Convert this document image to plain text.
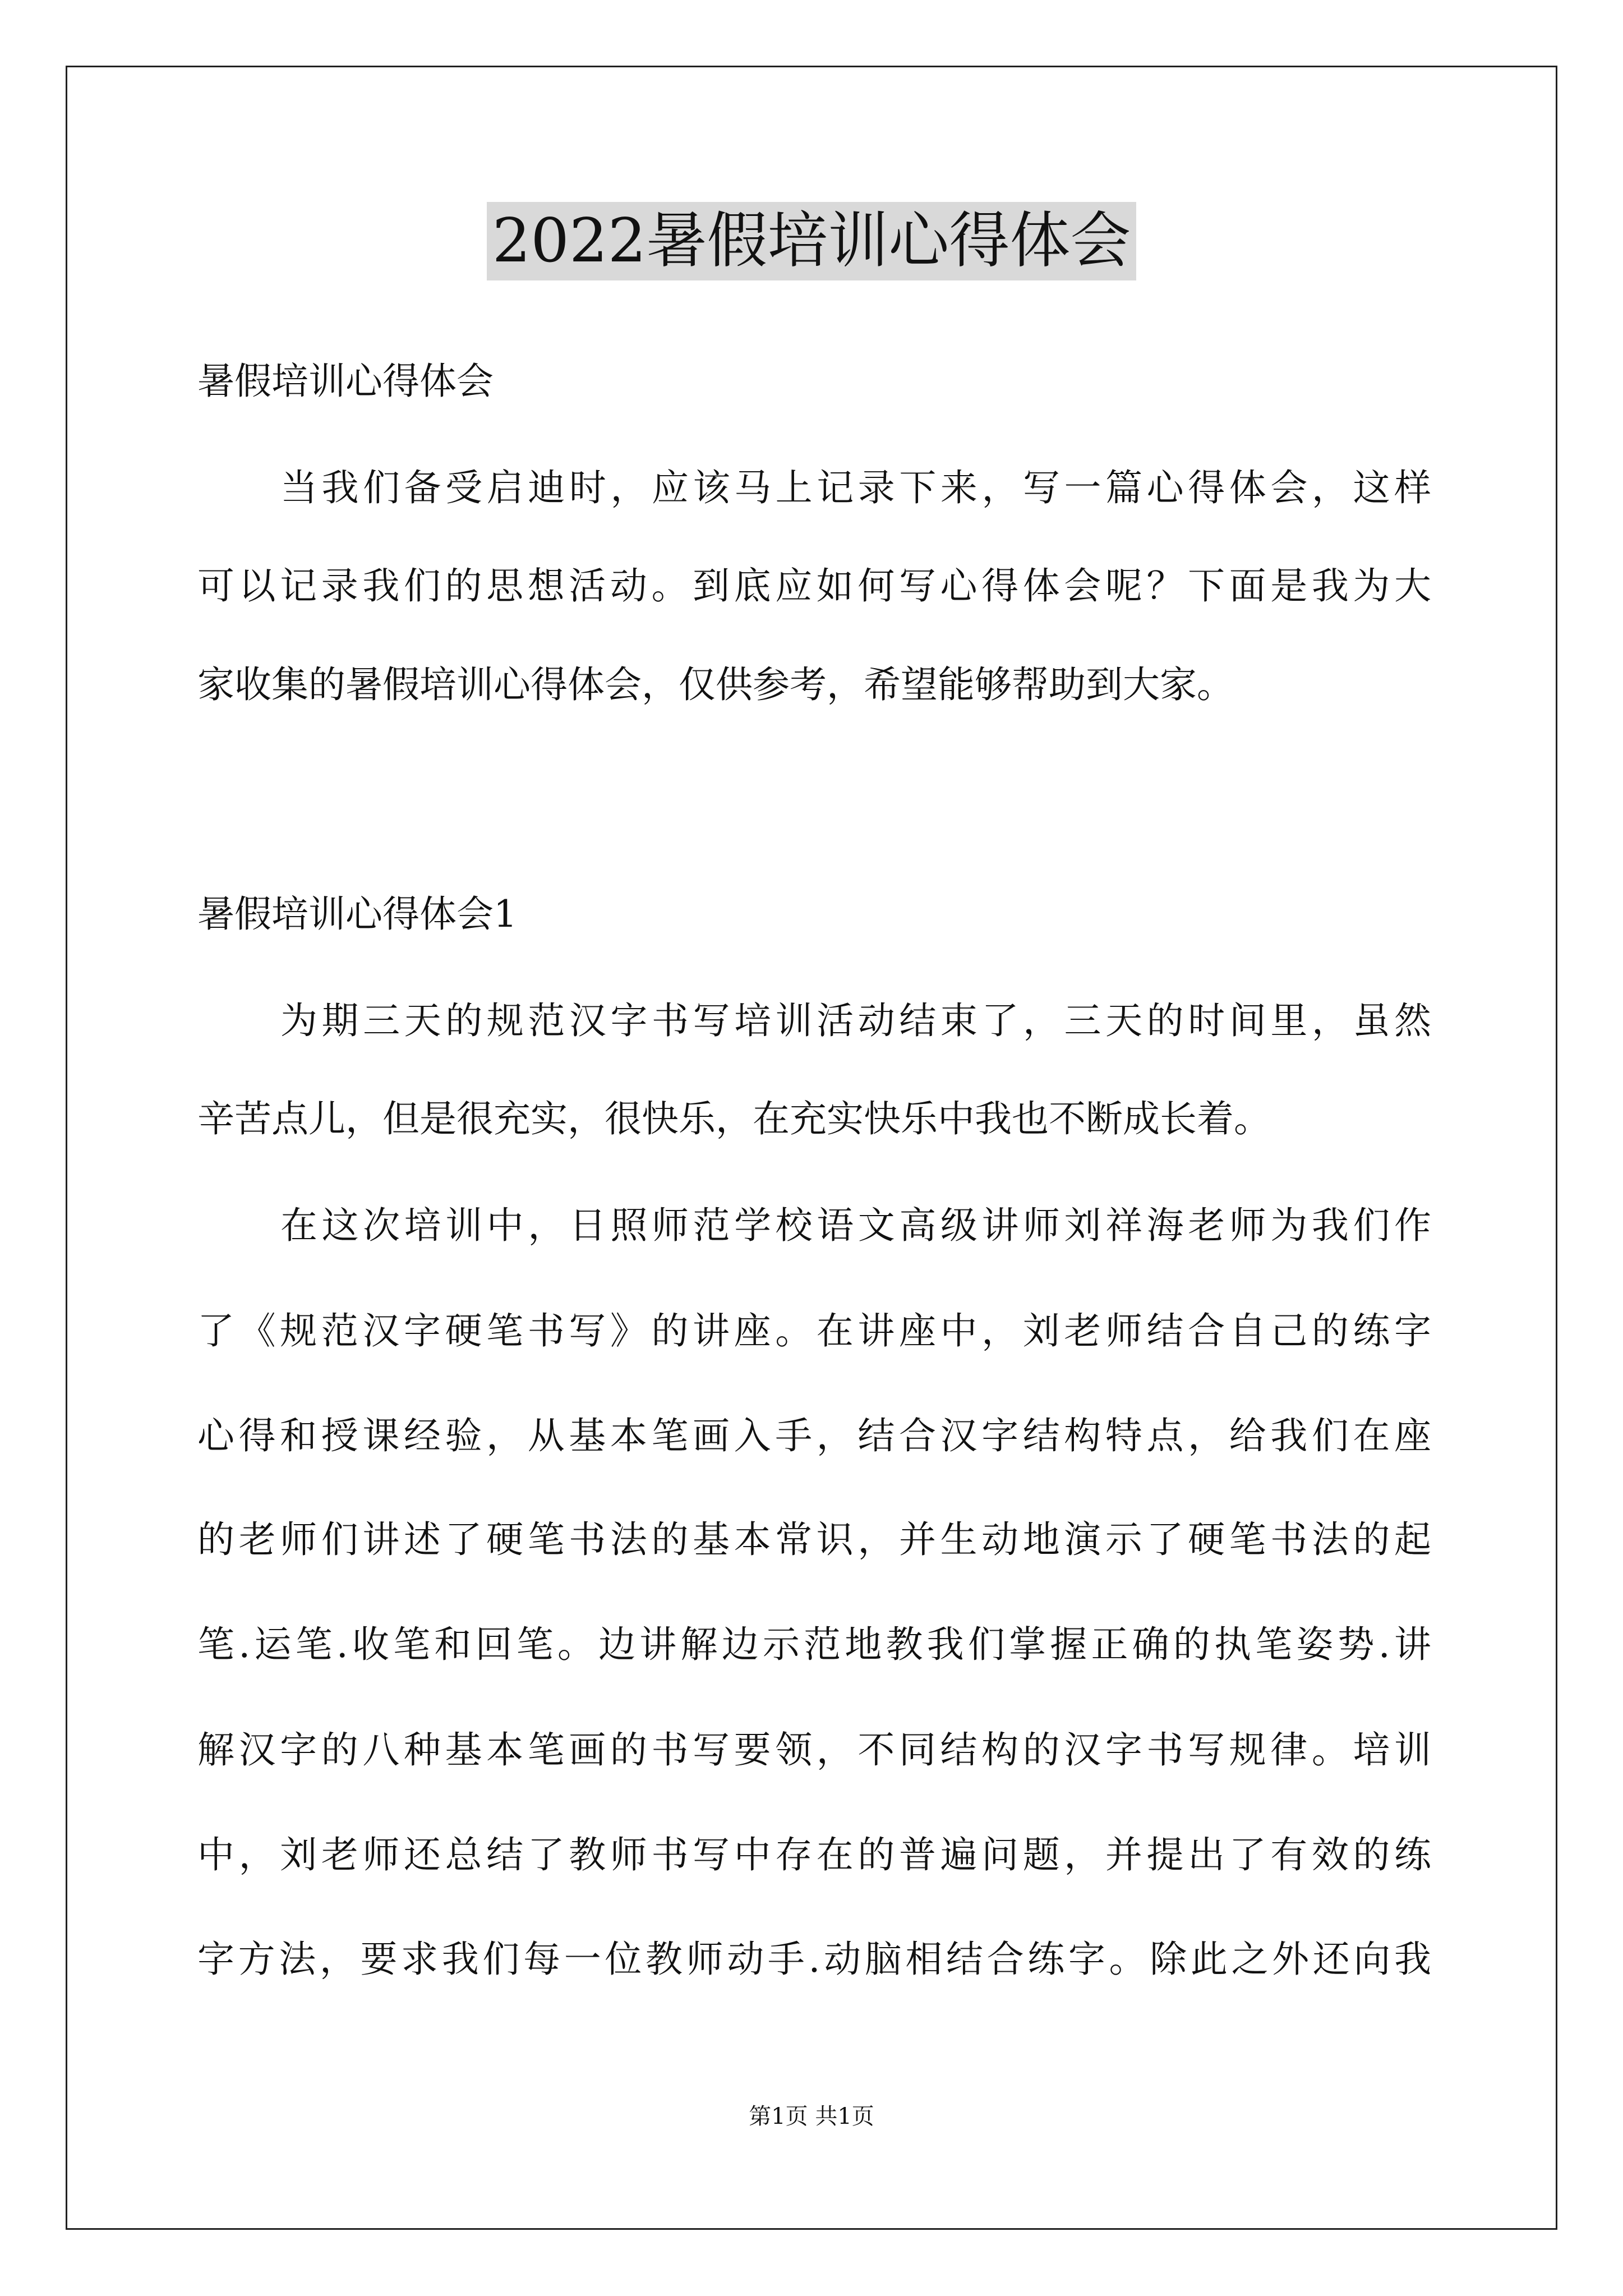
2022暑假培训心得体会
暑假培训心得体会
当我们备受启迪时，应该马上记录下来，写一篇心得体会，这样
可以记录我们的思想活动。到底应如何写心得体会呢？下面是我为大
家收集的暑假培训心得体会，仅供参考，希望能够帮助到大家。
暑假培训心得体会1
为期三天的规范汉字书写培训活动结束了，三天的时间里，虽然
辛苦点儿，但是很充实，很快乐，在充实快乐中我也不断成长着。
在这次培训中，日照师范学校语文高级讲师刘祥海老师为我们作
了《规范汉字硬笔书写》的讲座。在讲座中，刘老师结合自己的练字
心得和授课经验，从基本笔画入手，结合汉字结构特点，给我们在座
的老师们讲述了硬笔书法的基本常识，并生动地演示了硬笔书法的起
笔.运笔.收笔和回笔。边讲解边示范地教我们掌握正确的执笔姿势.讲
解汉字的八种基本笔画的书写要领，不同结构的汉字书写规律。培训
中，刘老师还总结了教师书写中存在的普遍问题，并提出了有效的练
字方法，要求我们每一位教师动手.动脑相结合练字。除此之外还向我
第1页 共1页
